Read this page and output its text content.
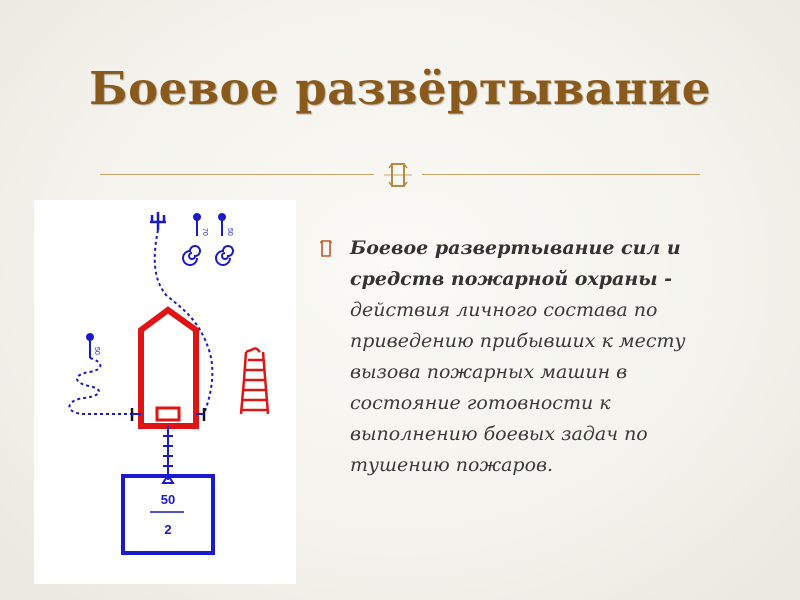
Боевое развёртывание
70	50
50
50
2
Боевое развертывание сил и средств пожарной охраны - действия личного состава по приведению прибывших к месту вызова пожарных машин в состояние готовности к выполнению боевых задач по тушению пожаров.
